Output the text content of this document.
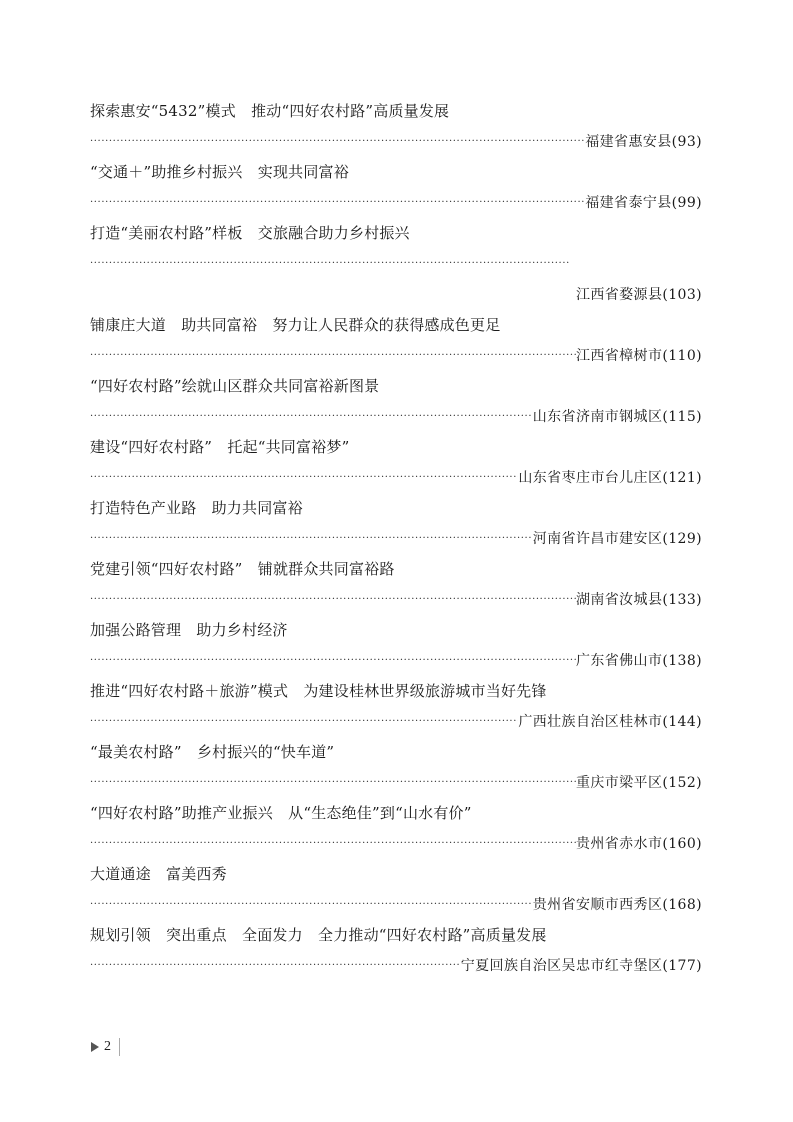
探索惠安“5432”模式　推动“四好农村路”高质量发展
·····
福建省惠安县(93)
“交通＋”助推乡村振兴　实现共同富裕
·····
福建省泰宁县(99)
打造“美丽农村路”样板　交旅融合助力乡村振兴
·····
江西省婺源县(103)
铺康庄大道　助共同富裕　努力让人民群众的获得感成色更足
·····
江西省樟树市(110)
“四好农村路”绘就山区群众共同富裕新图景
·····
山东省济南市钢城区(115)
建设“四好农村路”　托起“共同富裕梦”
·····
山东省枣庄市台儿庄区(121)
打造特色产业路　助力共同富裕
·····
河南省许昌市建安区(129)
党建引领“四好农村路”　铺就群众共同富裕路
·····
湖南省汝城县(133)
加强公路管理　助力乡村经济
·····
广东省佛山市(138)
推进“四好农村路＋旅游”模式　为建设桂林世界级旅游城市当好先锋
·····
广西壮族自治区桂林市(144)
“最美农村路”　乡村振兴的“快车道”
·····
重庆市梁平区(152)
“四好农村路”助推产业振兴　从“生态绝佳”到“山水有价”
·····
贵州省赤水市(160)
大道通途　富美西秀
·····
贵州省安顺市西秀区(168)
规划引领　突出重点　全面发力　全力推动“四好农村路”高质量发展
·····
宁夏回族自治区吴忠市红寺堡区(177)
2
